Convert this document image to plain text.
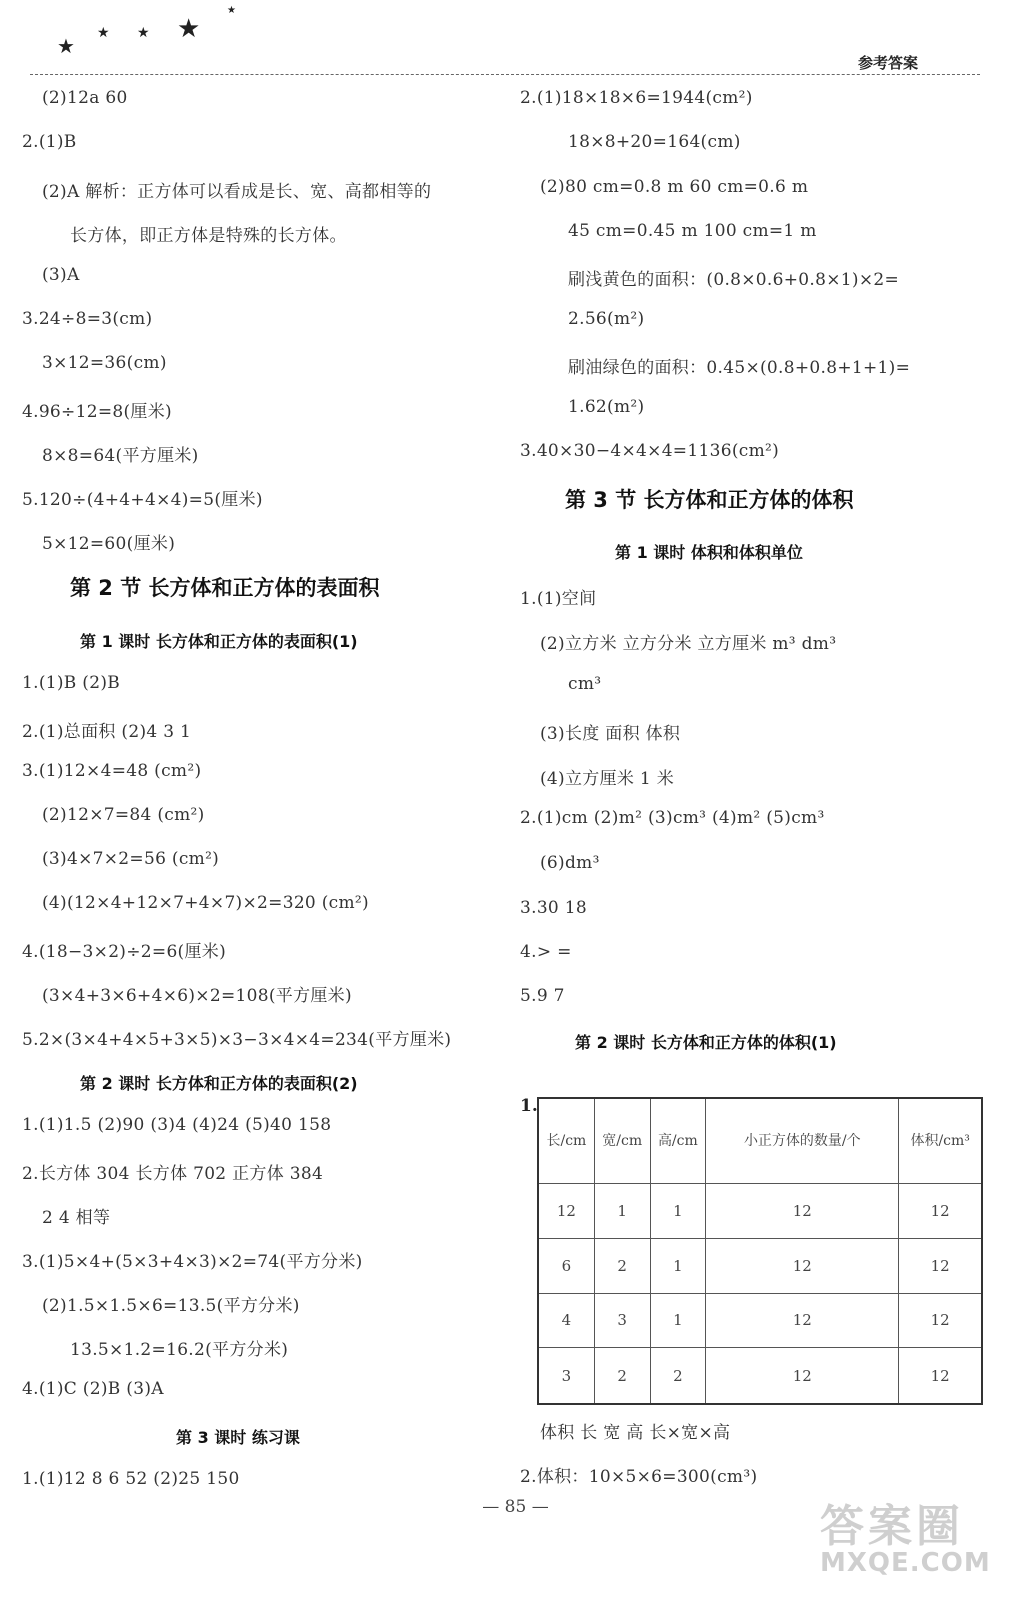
★
★ ★ ★
★
参考答案
(2)12a 60
2.(1)B
(2)A 解析：正方体可以看成是长、宽、高都相等的
长方体，即正方体是特殊的长方体。
(3)A
3.24÷8=3(cm)
3×12=36(cm)
4.96÷12=8(厘米)
8×8=64(平方厘米)
5.120÷(4+4+4×4)=5(厘米)
5×12=60(厘米)
第 2 节 长方体和正方体的表面积
第 1 课时 长方体和正方体的表面积(1)
1.(1)B (2)B
2.(1)总面积 (2)4 3 1
3.(1)12×4=48 (cm²)
(2)12×7=84 (cm²)
(3)4×7×2=56 (cm²)
(4)(12×4+12×7+4×7)×2=320 (cm²)
4.(18−3×2)÷2=6(厘米)
(3×4+3×6+4×6)×2=108(平方厘米)
5.2×(3×4+4×5+3×5)×3−3×4×4=234(平方厘米)
第 2 课时 长方体和正方体的表面积(2)
1.(1)1.5 (2)90 (3)4 (4)24 (5)40 158
2.长方体 304 长方体 702 正方体 384
2 4 相等
3.(1)5×4+(5×3+4×3)×2=74(平方分米)
(2)1.5×1.5×6=13.5(平方分米)
13.5×1.2=16.2(平方分米)
4.(1)C (2)B (3)A
第 3 课时 练习课
1.(1)12 8 6 52 (2)25 150
2.(1)18×18×6=1944(cm²)
18×8+20=164(cm)
(2)80 cm=0.8 m 60 cm=0.6 m
45 cm=0.45 m 100 cm=1 m
刷浅黄色的面积：(0.8×0.6+0.8×1)×2=
2.56(m²)
刷油绿色的面积：0.45×(0.8+0.8+1+1)=
1.62(m²)
3.40×30−4×4×4=1136(cm²)
第 3 节 长方体和正方体的体积
第 1 课时 体积和体积单位
1.(1)空间
(2)立方米 立方分米 立方厘米 m³ dm³
cm³
(3)长度 面积 体积
(4)立方厘米 1 米
2.(1)cm (2)m² (3)cm³ (4)m² (5)cm³
(6)dm³
3.30 18
4.> =
5.9 7
第 2 课时 长方体和正方体的体积(1)
体积 长 宽 高 长×宽×高
2.体积：10×5×6=300(cm³)
1.
长/cm	宽/cm	高/cm	小正方体的数量/个	体积/cm³
12	1	1	12	12
6	2	1	12	12
4	3	1	12	12
3	2	2	12	12
— 85 —	答案圈
MXQE.COM
